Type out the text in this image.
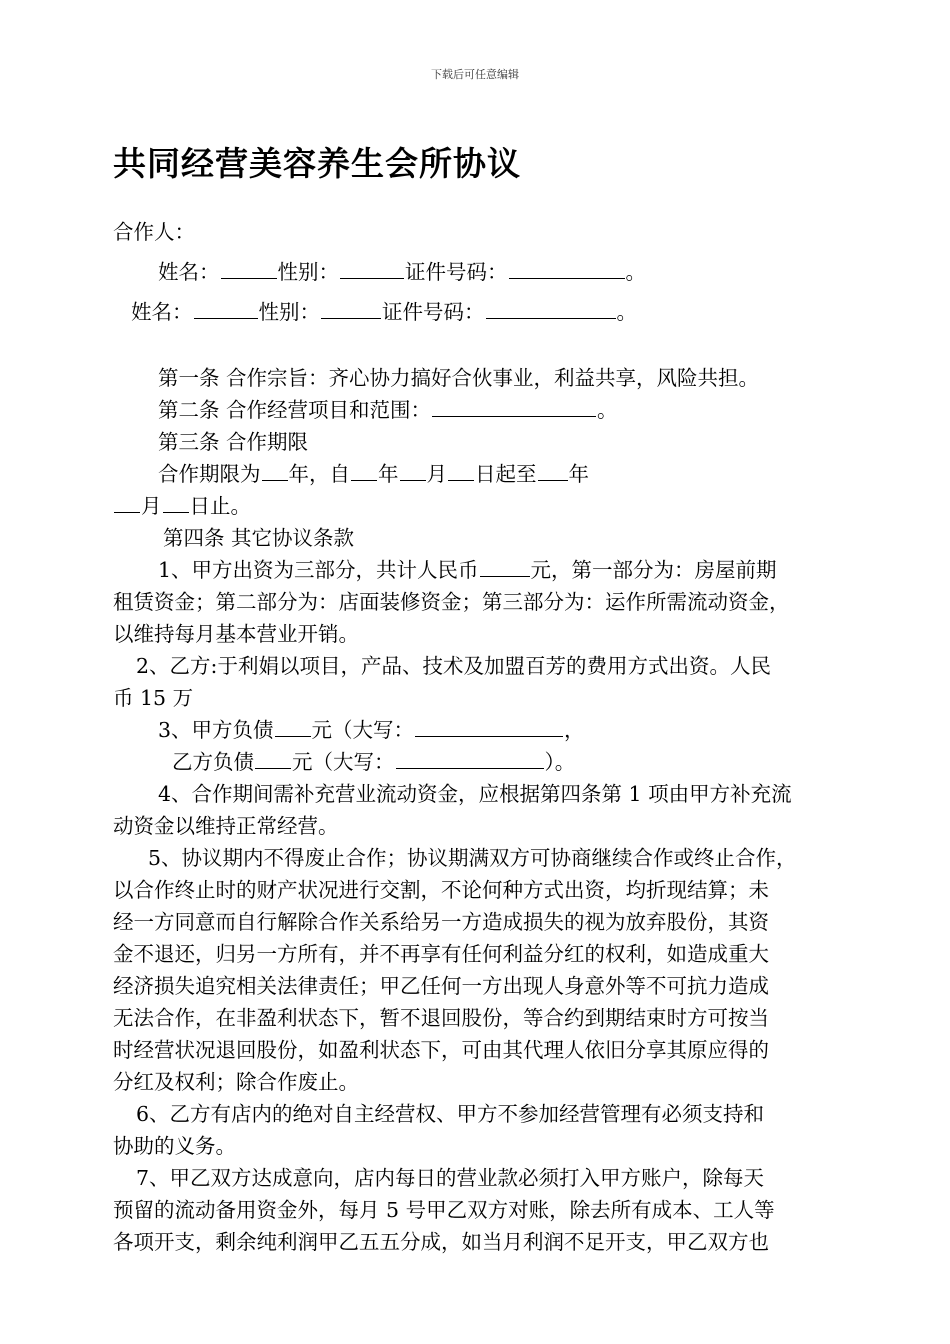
下载后可任意编辑
共同经营美容养生会所协议
合作人：
姓名：	性别：	证件号码：	。
姓名：	性别：	证件号码：	。
第一条 合作宗旨：齐心协力搞好合伙事业，利益共享，风险共担。
第二条 合作经营项目和范围：	。
第三条 合作期限
合作期限为 年，自 年 月 日起至 年
月 日止。
第四条 其它协议条款
1、甲方出资为三部分，共计人民币	元，第一部分为：房屋前期
租赁资金；第二部分为：店面装修资金；第三部分为：运作所需流动资金，
以维持每月基本营业开销。
2、乙方:于利娟以项目，产品、技术及加盟百芳的费用方式出资。人民
币 15 万
3、甲方负债 元（大写：	，
乙方负债 元（大写：	）。
4、合作期间需补充营业流动资金，应根据第四条第 1 项由甲方补充流
动资金以维持正常经营。
5、协议期内不得废止合作；协议期满双方可协商继续合作或终止合作，
以合作终止时的财产状况进行交割，不论何种方式出资，均折现结算；未
经一方同意而自行解除合作关系给另一方造成损失的视为放弃股份，其资
金不退还，归另一方所有，并不再享有任何利益分红的权利，如造成重大
经济损失追究相关法律责任；甲乙任何一方出现人身意外等不可抗力造成
无法合作，在非盈利状态下，暂不退回股份，等合约到期结束时方可按当
时经营状况退回股份，如盈利状态下，可由其代理人依旧分享其原应得的
分红及权利；除合作废止。
6、乙方有店内的绝对自主经营权、甲方不参加经营管理有必须支持和
协助的义务。
7、甲乙双方达成意向，店内每日的营业款必须打入甲方账户，除每天
预留的流动备用资金外，每月 5 号甲乙双方对账，除去所有成本、工人等
各项开支，剩余纯利润甲乙五五分成，如当月利润不足开支，甲乙双方也
